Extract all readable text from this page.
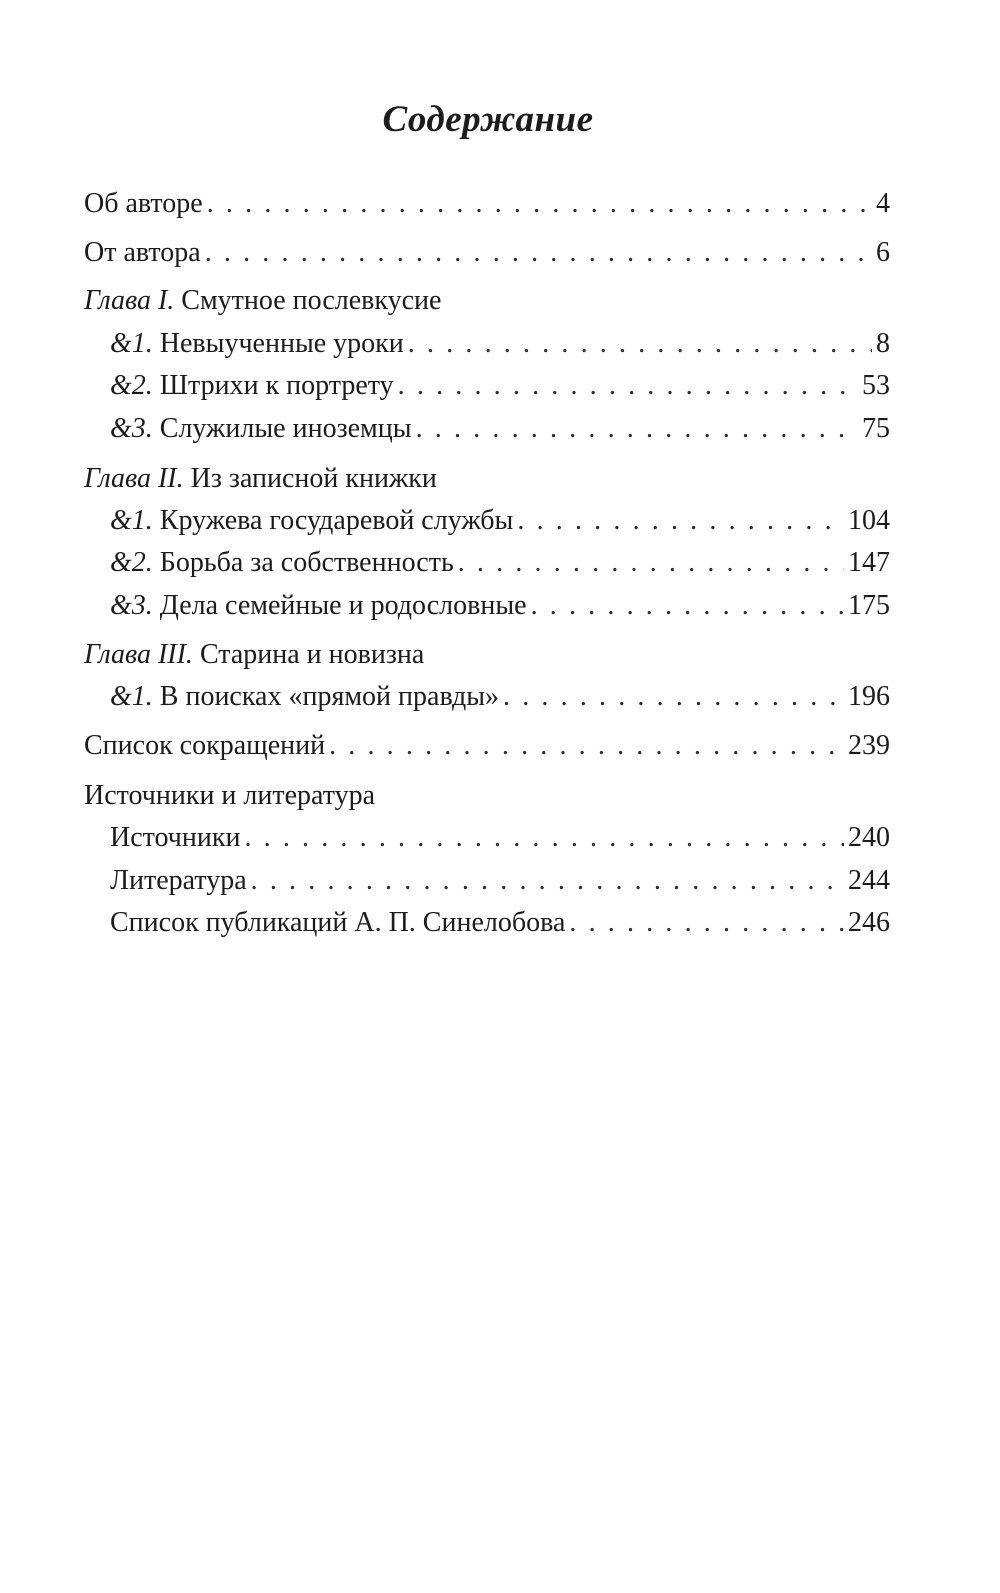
Содержание
Об авторе . . .	4
От автора . . .	6
Глава I. Смутное послевкусие
&1. Невыученные уроки . . .	8
&2. Штрихи к портрету . . .	53
&3. Служилые иноземцы . . .	75
Глава II. Из записной книжки
&1. Кружева государевой службы . . .	104
&2. Борьба за собственность . . .	147
&3. Дела семейные и родословные . . .	175
Глава III. Старина и новизна
&1. В поисках «прямой правды» . . .	196
Список сокращений . . .	239
Источники и литература
Источники . . .	240
Литература . . .	244
Список публикаций А. П. Синелобова . . .	246
